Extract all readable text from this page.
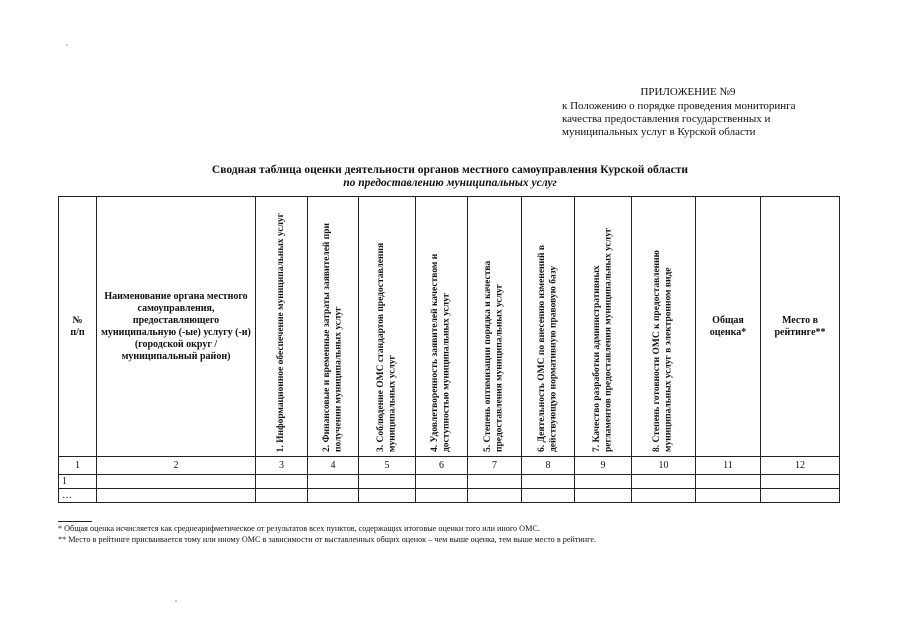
ПРИЛОЖЕНИЕ №9
к Положению о порядке проведения мониторинга
качества предоставления государственных и
муниципальных услуг в Курской области
Сводная таблица оценки деятельности органов местного самоуправления Курской области
по предоставлению муниципальных услуг
№
п/п	Наименование органа местного самоуправления, предоставляющего муниципальную (-ые) услугу (-и) (городской округ / муниципальный район)	1. Информационное обеспечение муниципальных услуг	2. Финансовые и временные затраты заявителей при получении муниципальных услуг	3. Соблюдение ОМС стандартов предоставления муниципальных услуг	4. Удовлетворенность заявителей качеством и доступностью муниципальных услуг	5. Степень оптимизации порядка и качества предоставления муниципальных услуг	6. Деятельность ОМС по внесению изменений в действующую нормативную правовую базу	7. Качество разработки административных регламентов предоставления муниципальных услуг	8. Степень готовности ОМС к предоставлению муниципальных услуг в электронном виде	Общая оценка*	Место в рейтинге**
1	2	3	4	5	6	7	8	9	10	11	12
1											
…											
* Общая оценка исчисляется как среднеарифметическое от результатов всех пунктов, содержащих итоговые оценки того или иного ОМС.
** Место в рейтинге присваивается тому или иному ОМС в зависимости от выставленных общих оценок – чем выше оценка, тем выше место в рейтинге.
